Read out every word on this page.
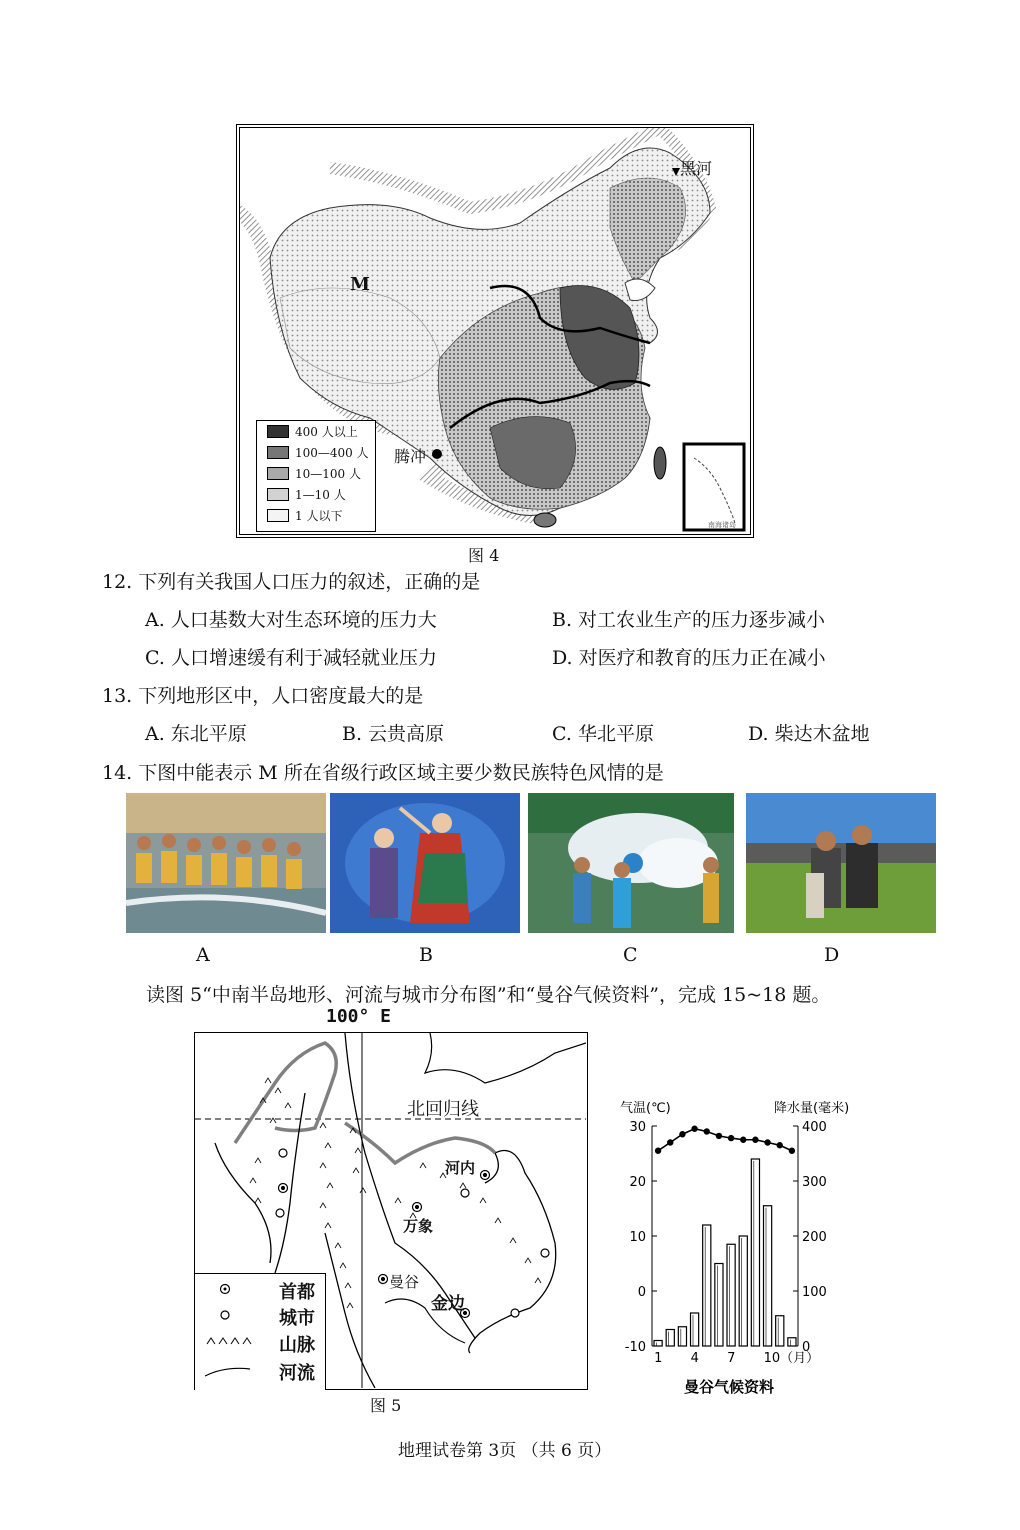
M
黑河
腾冲
南海诸岛
400 人以上
100—400 人
10—100 人
1—10 人
1 人以下
图 4
12. 下列有关我国人口压力的叙述，正确的是
A. 人口基数大对生态环境的压力大	B. 对工农业生产的压力逐步减小
C. 人口增速缓有利于减轻就业压力	D. 对医疗和教育的压力正在减小
13. 下列地形区中，人口密度最大的是
A. 东北平原	B. 云贵高原	C. 华北平原	D. 柴达木盆地
14. 下图中能表示 M 所在省级行政区域主要少数民族特色风情的是
A	B	C	D
读图 5“中南半岛地形、河流与城市分布图”和“曼谷气候资料”，完成 15~18 题。
100° E
北回归线
河内
万象
曼谷
金边
首都
城市
山脉
河流
图 5
气温(℃)	降水量(毫米)
30
20
10
0
-10
400
300
200
100
0
1 4 7 10（月）
曼谷气候资料
地理试卷第 3页 （共 6 页）
